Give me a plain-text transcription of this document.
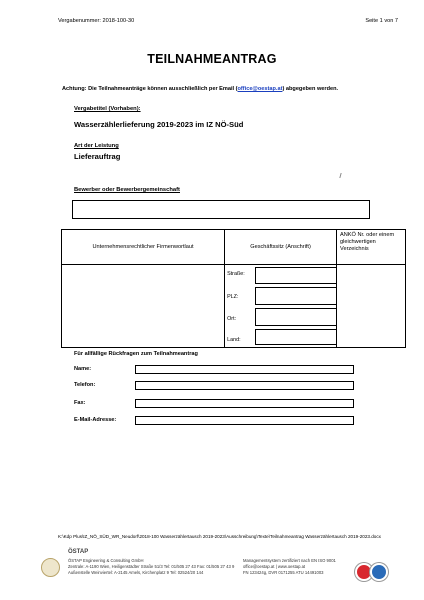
Vergabenummer: 2018-100-30	Seite 1 von 7
TEILNAHMEANTRAG
Achtung: Die Teilnahmeanträge können ausschließlich per Email (office@oestap.at) abgegeben werden.
Vergabetitel (Vorhaben):
Wasserzählerlieferung 2019-2023 im IZ NÖ-Süd
Art der Leistung
Lieferauftrag
Bewerber oder Bewerbergemeinschaft
Unternehmensrechtlicher Firmenwortlaut	Geschäftssitz (Anschrift)	ANKÖ Nr. oder einem gleichwertigen Verzeichnis

	Straße:
PLZ:
Ort:
Land:	

Für allfällige Rückfragen zum Teilnahmeantrag
Name:
Telefon:
Fax:
E-Mail-Adresse:
K:\Kdp Plus\IZ_NÖ_SÜD_WR_Neudorf\2018-100 Wasserzählertausch 2019-2023\Ausschreibung\Texte\Teilnahmeantrag Wasserzählertausch 2019-2023.docx
ÖSTAP
ÖSTAP Engineering & Consulting GmbH
Zentrale: A-1190 Wien, Heiligenstädter Straße 51/3 Tel: 01/505 27 43 Fax: 01/505 27 43 9
Außenstelle Weinviertel: A-2145 Amels, Kirchenplatz 9 Tel: 02524/20 144
Managementsystem zertifiziert nach EN ISO 9001
office@oestap.at | www.oestap.at
FN 123424g, DVR 0171255 ATU 14491003
